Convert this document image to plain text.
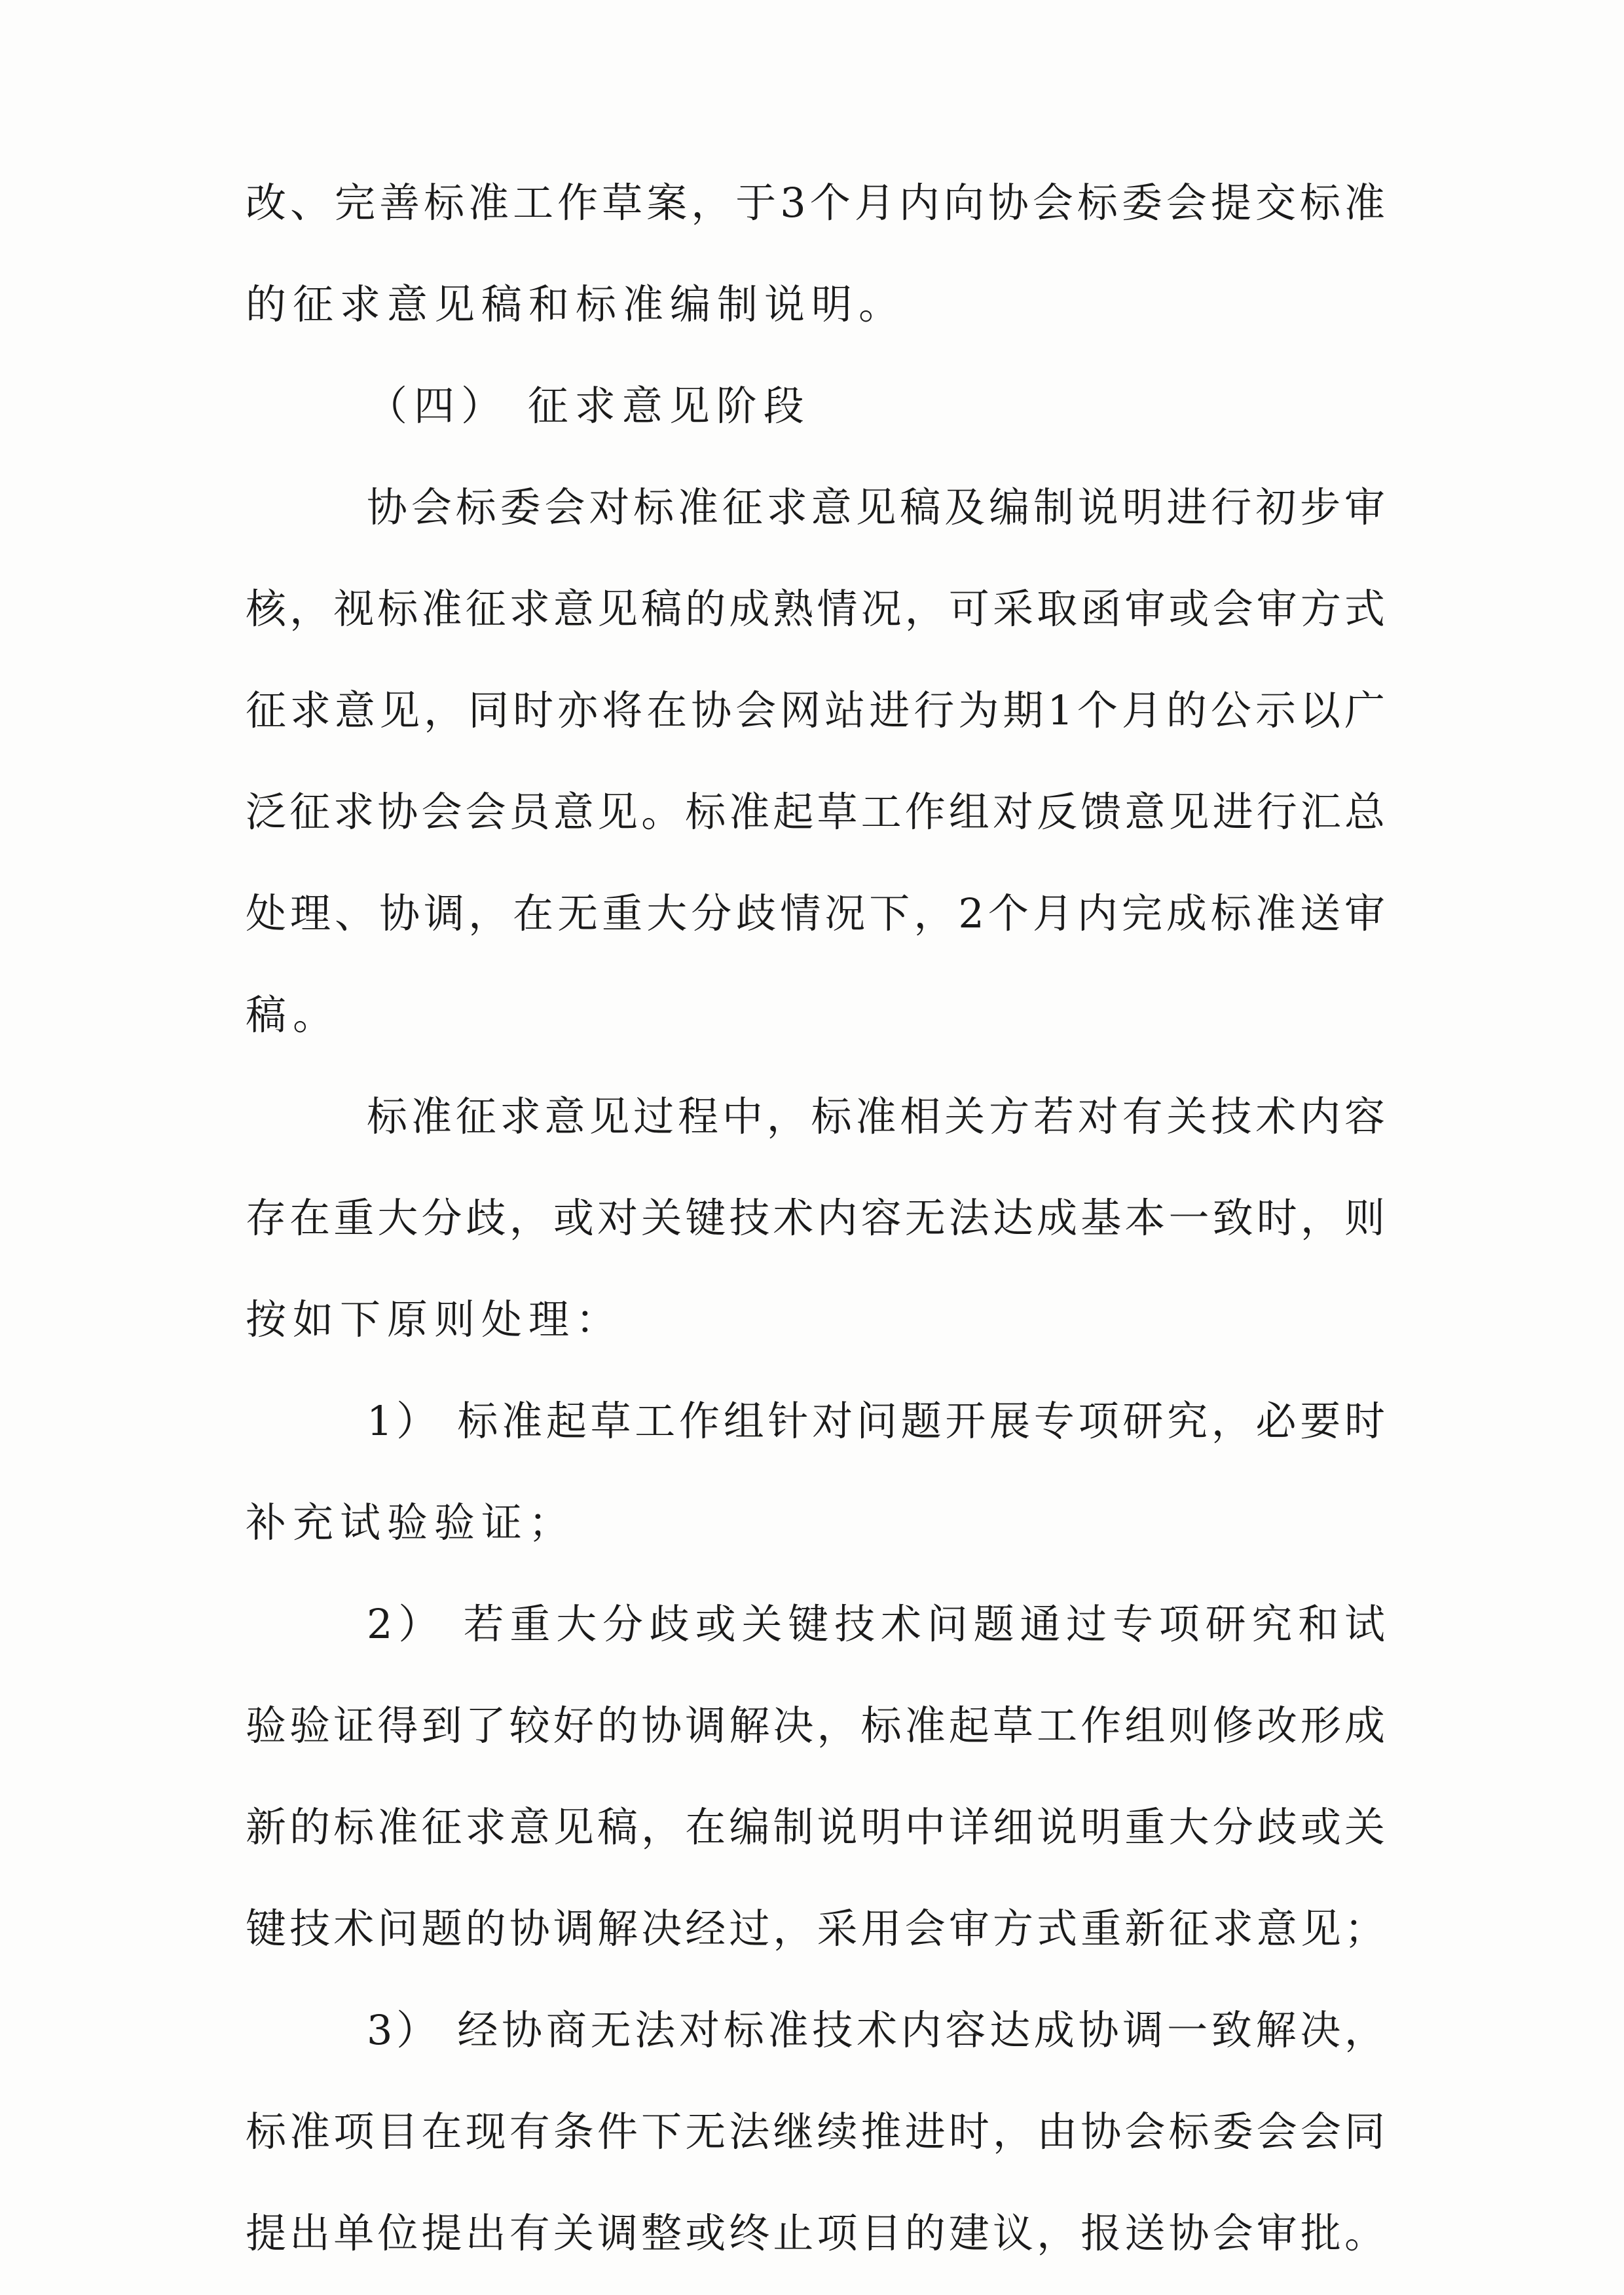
改、完善标准工作草案，于3个月内向协会标委会提交标准
的征求意见稿和标准编制说明。
（四） 征求意见阶段
协会标委会对标准征求意见稿及编制说明进行初步审
核，视标准征求意见稿的成熟情况，可采取函审或会审方式
征求意见，同时亦将在协会网站进行为期1个月的公示以广
泛征求协会会员意见。标准起草工作组对反馈意见进行汇总
处理、协调，在无重大分歧情况下，2个月内完成标准送审
稿。
标准征求意见过程中，标准相关方若对有关技术内容
存在重大分歧，或对关键技术内容无法达成基本一致时，则
按如下原则处理：
1） 标准起草工作组针对问题开展专项研究，必要时
补充试验验证；
2） 若重大分歧或关键技术问题通过专项研究和试
验验证得到了较好的协调解决，标准起草工作组则修改形成
新的标准征求意见稿，在编制说明中详细说明重大分歧或关
键技术问题的协调解决经过，采用会审方式重新征求意见；
3） 经协商无法对标准技术内容达成协调一致解决，
标准项目在现有条件下无法继续推进时，由协会标委会会同
提出单位提出有关调整或终止项目的建议，报送协会审批。
